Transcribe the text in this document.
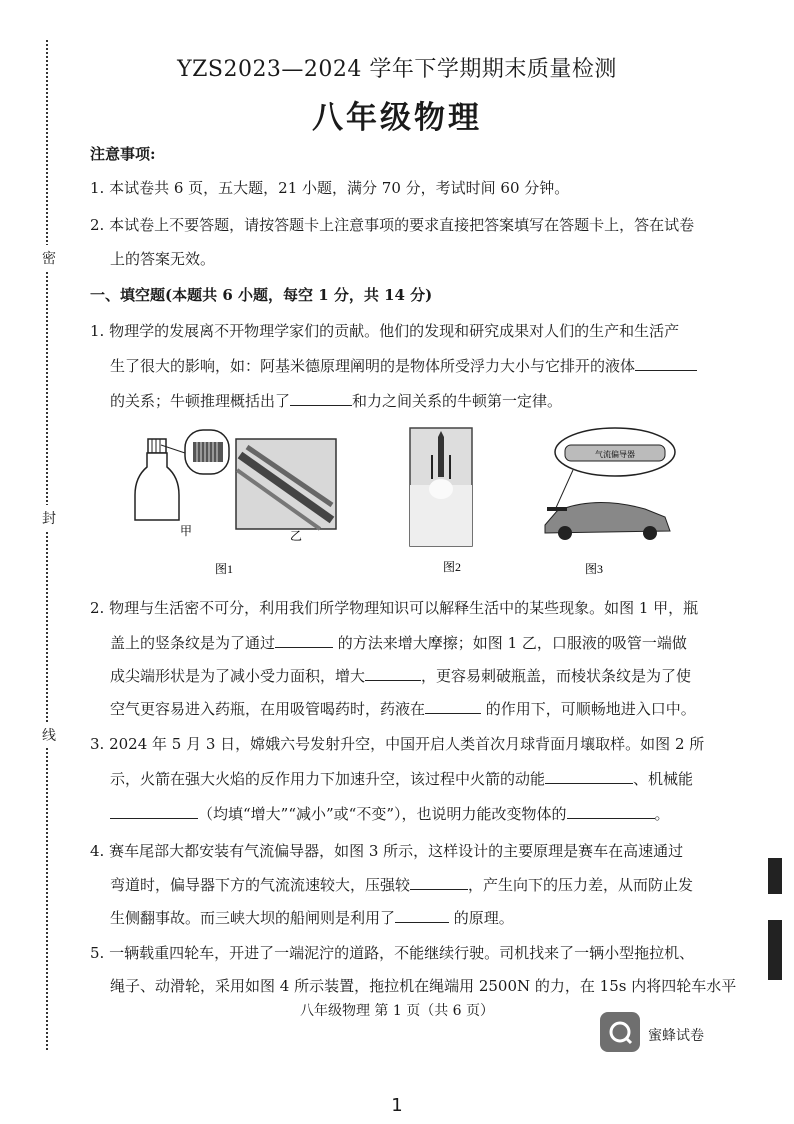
密
封
线
YZS2023—2024 学年下学期期末质量检测
八年级物理
注意事项:
1. 本试卷共 6 页，五大题，21 小题，满分 70 分，考试时间 60 分钟。
2. 本试卷上不要答题，请按答题卡上注意事项的要求直接把答案填写在答题卡上，答在试卷
上的答案无效。
一、填空题(本题共 6 小题，每空 1 分，共 14 分)
1. 物理学的发展离不开物理学家们的贡献。他们的发现和研究成果对人们的生产和生活产
生了很大的影响，如：阿基米德原理阐明的是物体所受浮力大小与它排开的液体
的关系；牛顿推理概括出了	和力之间关系的牛顿第一定律。
甲	乙
图1	图2
气流偏导器
图3
2. 物理与生活密不可分，利用我们所学物理知识可以解释生活中的某些现象。如图 1 甲，瓶
盖上的竖条纹是为了通过	的方法来增大摩擦；如图 1 乙，口服液的吸管一端做
成尖端形状是为了减小受力面积，增大	，更容易刺破瓶盖，而棱状条纹是为了使
空气更容易进入药瓶，在用吸管喝药时，药液在	的作用下，可顺畅地进入口中。
3. 2024 年 5 月 3 日，嫦娥六号发射升空，中国开启人类首次月球背面月壤取样。如图 2 所
示，火箭在强大火焰的反作用力下加速升空，该过程中火箭的动能	、机械能
（均填“增大”“减小”或“不变”），也说明力能改变物体的	。
4. 赛车尾部大都安装有气流偏导器，如图 3 所示，这样设计的主要原理是赛车在高速通过
弯道时，偏导器下方的气流流速较大，压强较	，产生向下的压力差，从而防止发
生侧翻事故。而三峡大坝的船闸则是利用了	的原理。
5. 一辆载重四轮车，开进了一端泥泞的道路，不能继续行驶。司机找来了一辆小型拖拉机、
绳子、动滑轮，采用如图 4 所示装置，拖拉机在绳端用 2500N 的力，在 15s 内将四轮车水平
八年级物理 第 1 页（共 6 页）
蜜蜂试卷
1
